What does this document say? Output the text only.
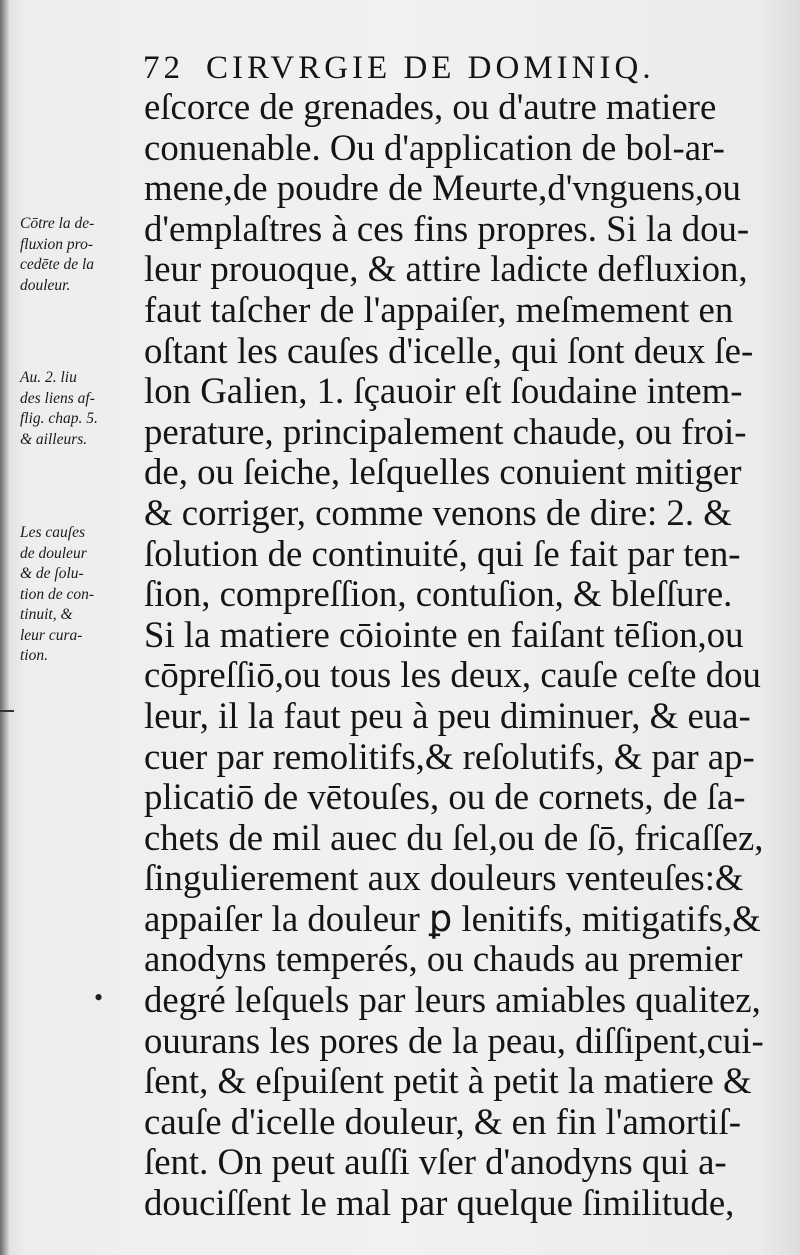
72 CIRVRGIE DE DOMINIQ.
eſcorce de grenades, ou d'autre matiere
conuenable. Ou d'application de bol-ar-
mene,de poudre de Meurte,d'vnguens,ou
d'emplaſtres à ces fins propres. Si la dou-
leur prouoque, & attire ladicte defluxion,
faut taſcher de l'appaiſer, meſmement en
oſtant les cauſes d'icelle, qui ſont deux ſe-
lon Galien, 1. ſçauoir eſt ſoudaine intem-
perature, principalement chaude, ou froi-
de, ou ſeiche, leſquelles conuient mitiger
& corriger, comme venons de dire: 2. &
ſolution de continuité, qui ſe fait par ten-
ſion, compreſſion, contuſion, & bleſſure.
Si la matiere cōiointe en faiſant tēſion,ou
cōpreſſiō,ou tous les deux, cauſe ceſte dou
leur, il la faut peu à peu diminuer, & eua-
cuer par remolitifs,& reſolutifs, & par ap-
plicatiō de vētouſes, ou de cornets, de ſa-
chets de mil auec du ſel,ou de ſō, fricaſſez,
ſingulierement aux douleurs venteuſes:&
appaiſer la douleur ꝑ lenitifs, mitigatifs,&
anodyns temperés, ou chauds au premier
degré leſquels par leurs amiables qualitez,
ouurans les pores de la peau, diſſipent,cui-
ſent, & eſpuiſent petit à petit la matiere &
cauſe d'icelle douleur, & en fin l'amortiſ-
ſent. On peut auſſi vſer d'anodyns qui a-
douciſſent le mal par quelque ſimilitude,
Cōtre la de-
fluxion pro-
cedēte de la
douleur.
Au. 2. liu
des liens af-
flig. chap. 5.
& ailleurs.
Les cauſes
de douleur
& de ſolu-
tion de con-
tinuit, &
leur cura-
tion.
•
